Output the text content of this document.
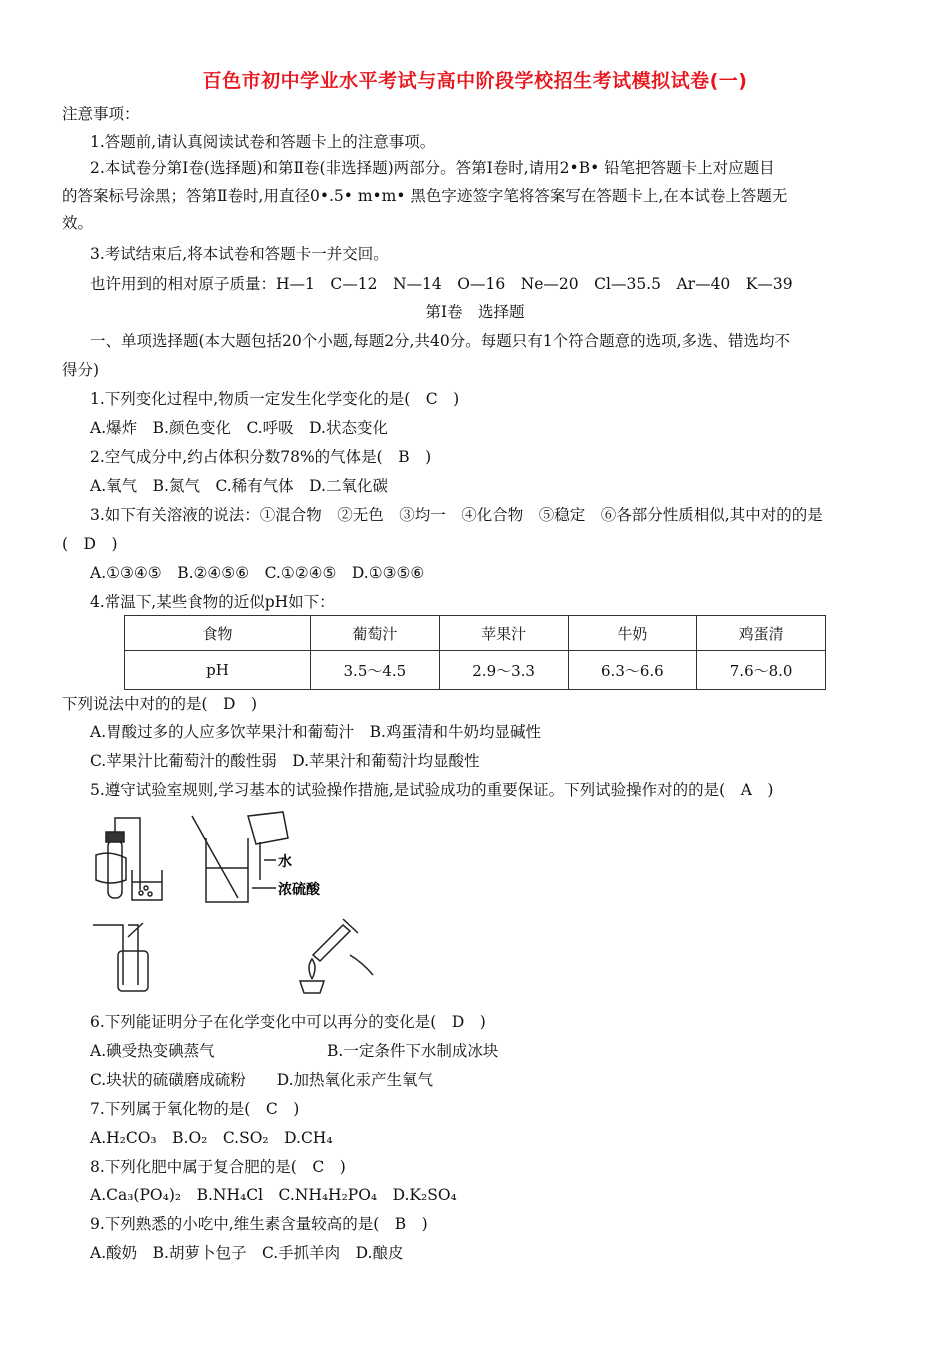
百色市初中学业水平考试与高中阶段学校招生考试模拟试卷(一)
注意事项：
1.答题前,请认真阅读试卷和答题卡上的注意事项。
2.本试卷分第Ⅰ卷(选择题)和第Ⅱ卷(非选择题)两部分。答第Ⅰ卷时,请用2•B• 铅笔把答题卡上对应题目
的答案标号涂黑；答第Ⅱ卷时,用直径0•.5• m•m• 黑色字迹签字笔将答案写在答题卡上,在本试卷上答题无
效。
3.考试结束后,将本试卷和答题卡一并交回。
也许用到的相对原子质量：H—1　C—12　N—14　O—16　Ne—20　Cl—35.5　Ar—40　K—39
第Ⅰ卷　选择题
一、单项选择题(本大题包括20个小题,每题2分,共40分。每题只有1个符合题意的选项,多选、错选均不
得分)
1.下列变化过程中,物质一定发生化学变化的是(　C　)
A.爆炸　B.颜色变化　C.呼吸　D.状态变化
2.空气成分中,约占体积分数78%的气体是(　B　)
A.氧气　B.氮气　C.稀有气体　D.二氧化碳
3.如下有关溶液的说法：①混合物　②无色　③均一　④化合物　⑤稳定　⑥各部分性质相似,其中对的的是
(　D　)
A.①③④⑤　B.②④⑤⑥　C.①②④⑤　D.①③⑤⑥
4.常温下,某些食物的近似pH如下：
食物	葡萄汁	苹果汁	牛奶	鸡蛋清
pH	3.5～4.5	2.9～3.3	6.3～6.6	7.6～8.0
下列说法中对的的是(　D　)
A.胃酸过多的人应多饮苹果汁和葡萄汁　B.鸡蛋清和牛奶均显碱性
C.苹果汁比葡萄汁的酸性弱　D.苹果汁和葡萄汁均显酸性
5.遵守试验室规则,学习基本的试验操作措施,是试验成功的重要保证。下列试验操作对的的是(　A　)
水
浓硫酸
6.下列能证明分子在化学变化中可以再分的变化是(　D　)
A.碘受热变碘蒸气	B.一定条件下水制成冰块
C.块状的硫磺磨成硫粉　　D.加热氧化汞产生氧气
7.下列属于氧化物的是(　C　)
A.H₂CO₃　B.O₂　C.SO₂　D.CH₄
8.下列化肥中属于复合肥的是(　C　)
A.Ca₃(PO₄)₂　B.NH₄Cl　C.NH₄H₂PO₄　D.K₂SO₄
9.下列熟悉的小吃中,维生素含量较高的是(　B　)
A.酸奶　B.胡萝卜包子　C.手抓羊肉　D.酿皮
